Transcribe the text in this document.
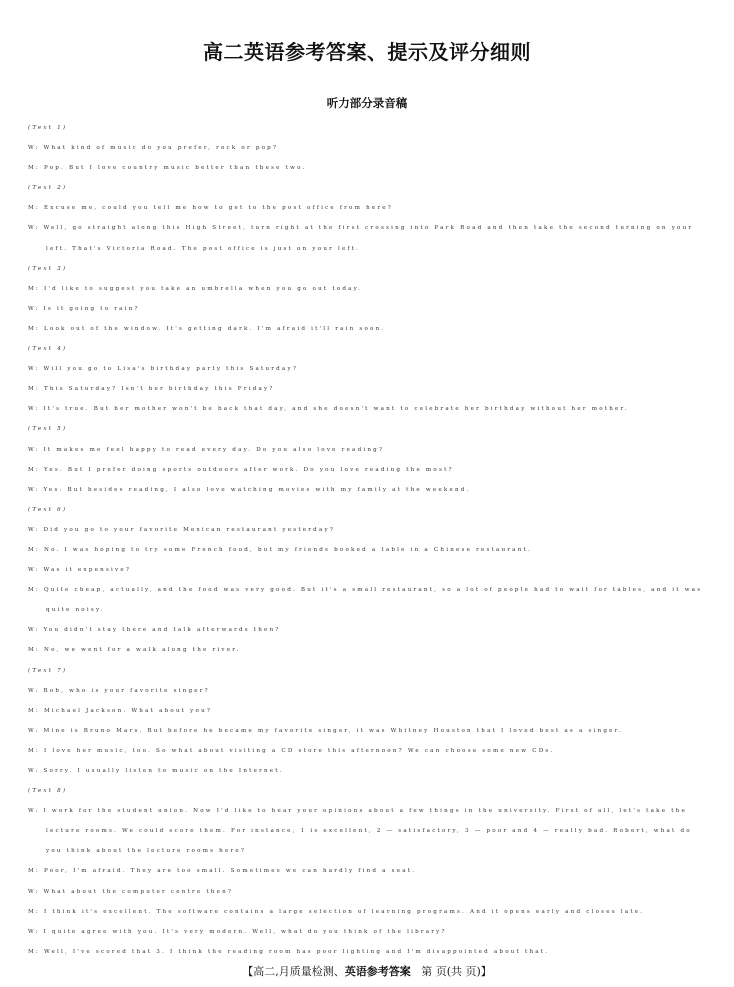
高二英语参考答案、提示及评分细则
听力部分录音稿
(Text 1)
W: What kind of music do you prefer, rock or pop?
M: Pop. But I love country music better than these two.
(Text 2)
M: Excuse me, could you tell me how to get to the post office from here?
W: Well, go straight along this High Street, turn right at the first crossing into Park Road and then take the second turning on your
left. That's Victoria Road. The post office is just on your left.
(Text 3)
M: I'd like to suggest you take an umbrella when you go out today.
W: Is it going to rain?
M: Look out of the window. It's getting dark. I'm afraid it'll rain soon.
(Text 4)
W: Will you go to Lisa's birthday party this Saturday?
M: This Saturday? Isn't her birthday this Friday?
W: It's true. But her mother won't be back that day, and she doesn't want to celebrate her birthday without her mother.
(Text 5)
W: It makes me feel happy to read every day. Do you also love reading?
M: Yes. But I prefer doing sports outdoors after work. Do you love reading the most?
W: Yes. But besides reading, I also love watching movies with my family at the weekend.
(Text 6)
W: Did you go to your favorite Mexican restaurant yesterday?
M: No. I was hoping to try some French food, but my friends booked a table in a Chinese restaurant.
W: Was it expensive?
M: Quite cheap, actually, and the food was very good. But it's a small restaurant, so a lot of people had to wait for tables, and it was
quite noisy.
W: You didn't stay there and talk afterwards then?
M: No, we went for a walk along the river.
(Text 7)
W: Bob, who is your favorite singer?
M: Michael Jackson. What about you?
W: Mine is Bruno Mars. But before he became my favorite singer, it was Whitney Houston that I loved best as a singer.
M: I love her music, too. So what about visiting a CD store this afternoon? We can choose some new CDs.
W: Sorry. I usually listen to music on the Internet.
(Text 8)
W: I work for the student union. Now I'd like to hear your opinions about a few things in the university. First of all, let's take the
lecture rooms. We could score them. For instance, 1 is excellent, 2 — satisfactory, 3 — poor and 4 — really bad. Robert, what do
you think about the lecture rooms here?
M: Poor, I'm afraid. They are too small. Sometimes we can hardly find a seat.
W: What about the computer centre then?
M: I think it's excellent. The software contains a large selection of learning programs. And it opens early and closes late.
W: I quite agree with you. It's very modern. Well, what do you think of the library?
M: Well, I've scored that 3. I think the reading room has poor lighting and I'm disappointed about that.
【高二,月质量检测、英语参考答案 第 页(共 页)】
